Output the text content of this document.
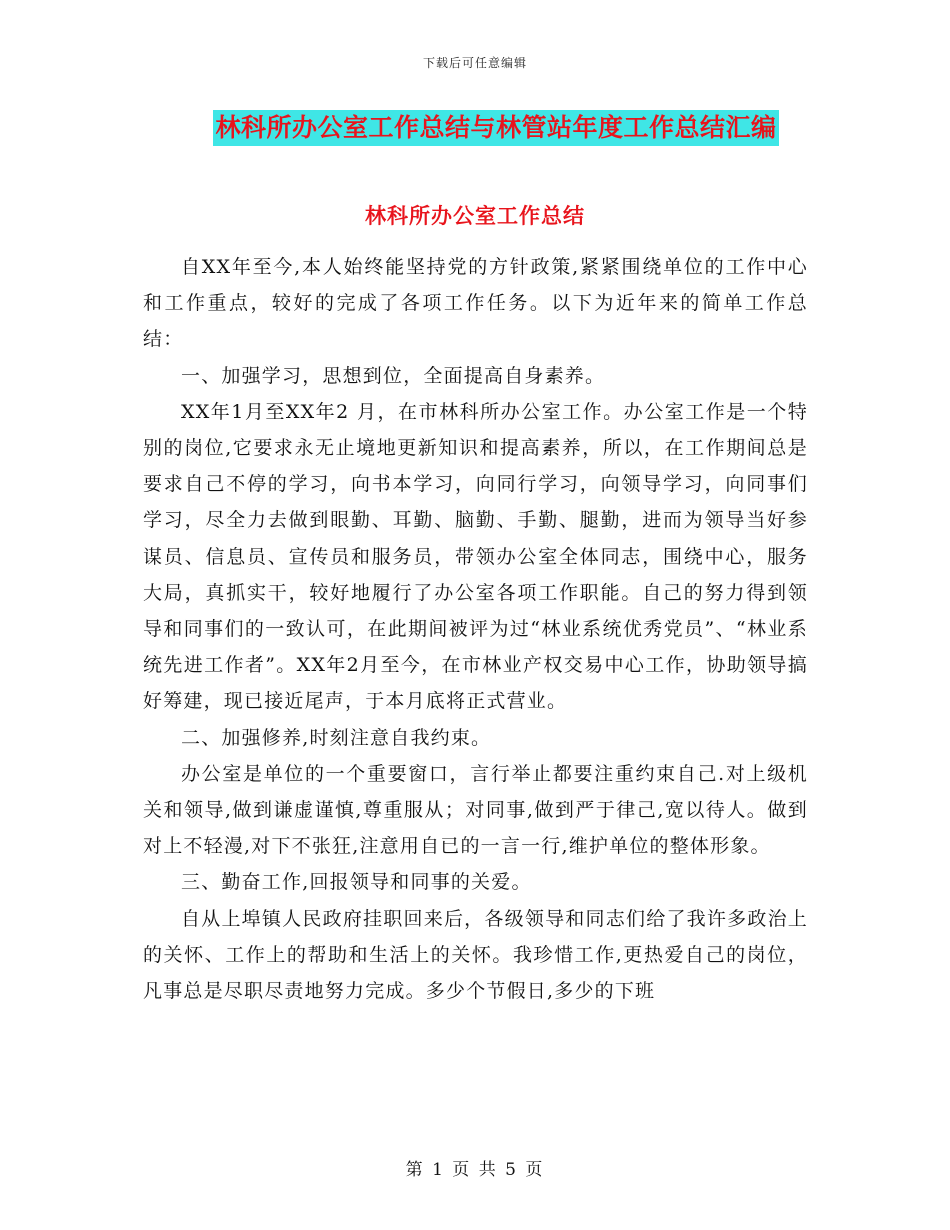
下载后可任意编辑
林科所办公室工作总结与林管站年度工作总结汇编
林科所办公室工作总结

自XX年至今,本人始终能坚持党的方针政策,紧紧围绕单位的工作中心和工作重点，较好的完成了各项工作任务。以下为近年来的简单工作总结：

一、加强学习，思想到位，全面提高自身素养。

XX年1月至XX年2 月，在市林科所办公室工作。办公室工作是一个特别的岗位,它要求永无止境地更新知识和提高素养，所以，在工作期间总是要求自己不停的学习，向书本学习，向同行学习，向领导学习，向同事们学习，尽全力去做到眼勤、耳勤、脑勤、手勤、腿勤，进而为领导当好参谋员、信息员、宣传员和服务员，带领办公室全体同志，围绕中心，服务大局，真抓实干，较好地履行了办公室各项工作职能。自己的努力得到领导和同事们的一致认可，在此期间被评为过“林业系统优秀党员”、“林业系统先进工作者”。XX年2月至今，在市林业产权交易中心工作，协助领导搞好筹建，现已接近尾声，于本月底将正式营业。

二、加强修养,时刻注意自我约束。

办公室是单位的一个重要窗口，言行举止都要注重约束自己.对上级机关和领导,做到谦虚谨慎,尊重服从；对同事,做到严于律己,宽以待人。做到对上不轻漫,对下不张狂,注意用自已的一言一行,维护单位的整体形象。

三、勤奋工作,回报领导和同事的关爱。

自从上埠镇人民政府挂职回来后，各级领导和同志们给了我许多政治上的关怀、工作上的帮助和生活上的关怀。我珍惜工作,更热爱自己的岗位，凡事总是尽职尽责地努力完成。多少个节假日,多少的下班

第 1 页 共 5 页
